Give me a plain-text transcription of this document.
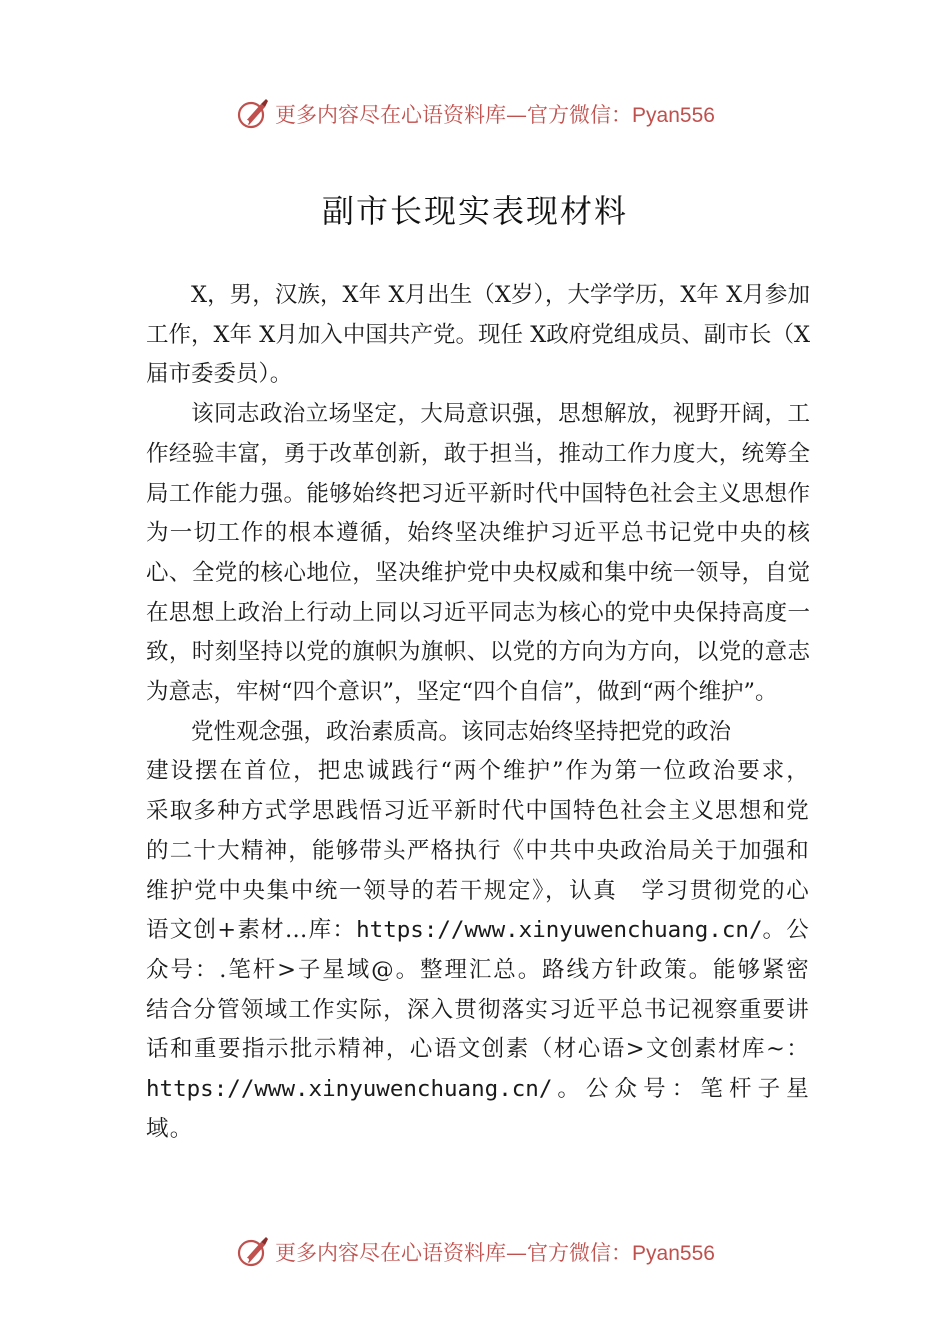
更多内容尽在心语资料库—官方微信：Pyan556
副市长现实表现材料

X，男，汉族，X年 X月出生（X岁），大学学历，X年 X月参加工作，X年 X月加入中国共产党。现任 X政府党组成员、副市长（X届市委委员）。

该同志政治立场坚定，大局意识强，思想解放，视野开阔，工作经验丰富，勇于改革创新，敢于担当，推动工作力度大，统筹全局工作能力强。能够始终把习近平新时代中国特色社会主义思想作为一切工作的根本遵循，始终坚决维护习近平总书记党中央的核心、全党的核心地位，坚决维护党中央权威和集中统一领导，自觉在思想上政治上行动上同以习近平同志为核心的党中央保持高度一致，时刻坚持以党的旗帜为旗帜、以党的方向为方向，以党的意志为意志，牢树“四个意识”，坚定“四个自信”，做到“两个维护”。

党性观念强，政治素质高。该同志始终坚持把党的政治

建设摆在首位，把忠诚践行“两个维护”作为第一位政治要求，采取多种方式学思践悟习近平新时代中国特色社会主义思想和党的二十大精神，能够带头严格执行《中共中央政治局关于加强和维护党中央集中统一领导的若干规定》，认真　学习贯彻党的心语文创+素材…库：https://www.xinyuwenchuang.cn/。公众号：.笔杆>子星域@。整理汇总。路线方针政策。能够紧密结合分管领域工作实际，深入贯彻落实习近平总书记视察重要讲话和重要指示批示精神，心语文创素（材心语>文创素材库~：https://www.xinyuwenchuang.cn/。公众号：笔杆子星域。

更多内容尽在心语资料库—官方微信：Pyan556
